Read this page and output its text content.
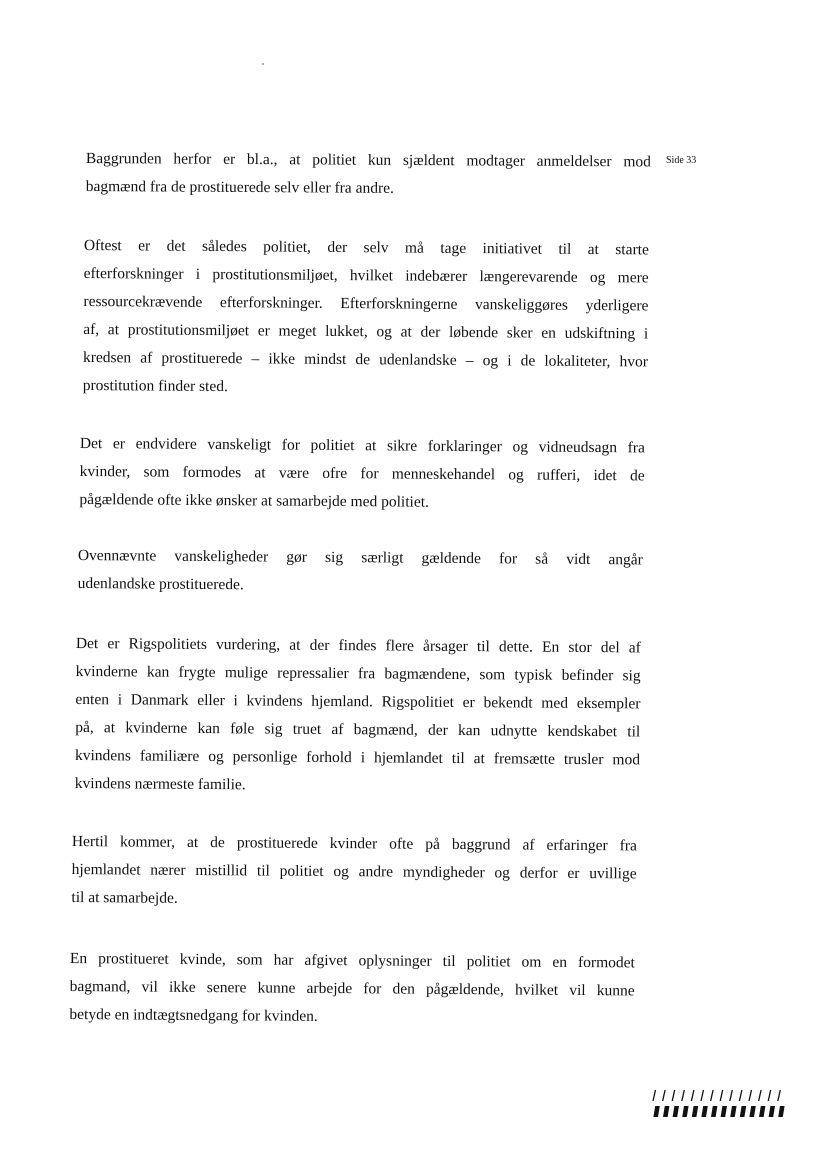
Side 33

Baggrunden herfor er bl.a., at politiet kun sjældent modtager anmeldelser mod
bagmænd fra de prostituerede selv eller fra andre.

Oftest er det således politiet, der selv må tage initiativet til at starte
efterforskninger i prostitutionsmiljøet, hvilket indebærer længerevarende og mere
ressourcekrævende efterforskninger. Efterforskningerne vanskeliggøres yderligere
af, at prostitutionsmiljøet er meget lukket, og at der løbende sker en udskiftning i
kredsen af prostituerede – ikke mindst de udenlandske – og i de lokaliteter, hvor
prostitution finder sted.

Det er endvidere vanskeligt for politiet at sikre forklaringer og vidneudsagn fra
kvinder, som formodes at være ofre for menneskehandel og rufferi, idet de
pågældende ofte ikke ønsker at samarbejde med politiet.

Ovennævnte vanskeligheder gør sig særligt gældende for så vidt angår
udenlandske prostituerede.

Det er Rigspolitiets vurdering, at der findes flere årsager til dette. En stor del af
kvinderne kan frygte mulige repressalier fra bagmændene, som typisk befinder sig
enten i Danmark eller i kvindens hjemland. Rigspolitiet er bekendt med eksempler
på, at kvinderne kan føle sig truet af bagmænd, der kan udnytte kendskabet til
kvindens familiære og personlige forhold i hjemlandet til at fremsætte trusler mod
kvindens nærmeste familie.

Hertil kommer, at de prostituerede kvinder ofte på baggrund af erfaringer fra
hjemlandet nærer mistillid til politiet og andre myndigheder og derfor er uvillige
til at samarbejde.

En prostitueret kvinde, som har afgivet oplysninger til politiet om en formodet
bagmand, vil ikke senere kunne arbejde for den pågældende, hvilket vil kunne
betyde en indtægtsnedgang for kvinden.
